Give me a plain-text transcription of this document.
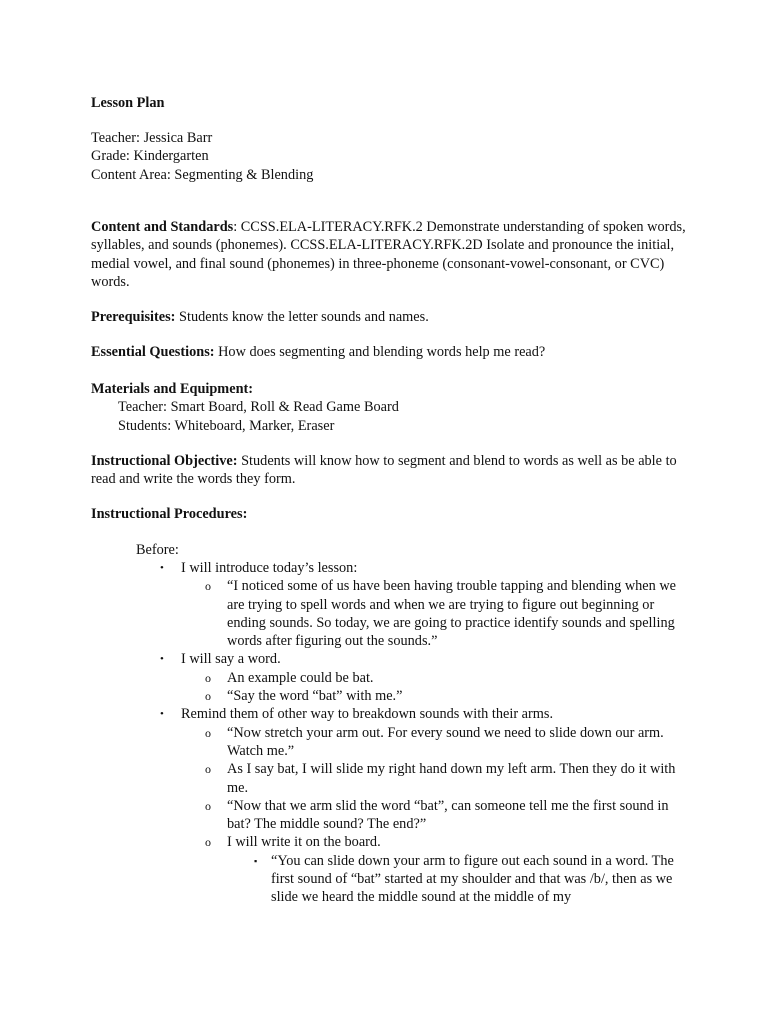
Lesson Plan

Teacher: Jessica Barr

Grade: Kindergarten

Content Area: Segmenting & Blending

Content and Standards: CCSS.ELA-LITERACY.RFK.2 Demonstrate understanding of spoken words, syllables, and sounds (phonemes). CCSS.ELA-LITERACY.RFK.2D Isolate and pronounce the initial, medial vowel, and final sound (phonemes) in three-phoneme (consonant-vowel-consonant, or CVC) words.

Prerequisites: Students know the letter sounds and names.

Essential Questions: How does segmenting and blending words help me read?

Materials and Equipment:

Teacher: Smart Board, Roll & Read Game Board

Students: Whiteboard, Marker, Eraser

Instructional Objective: Students will know how to segment and blend to words as well as be able to read and write the words they form.

Instructional Procedures:

Before:

• I will introduce today’s lesson:
o “I noticed some of us have been having trouble tapping and blending when we are trying to spell words and when we are trying to figure out beginning or ending sounds. So today, we are going to practice identify sounds and spelling words after figuring out the sounds.”
• I will say a word.
o An example could be bat.
o “Say the word “bat” with me.”
• Remind them of other way to breakdown sounds with their arms.
o “Now stretch your arm out. For every sound we need to slide down our arm. Watch me.”
o As I say bat, I will slide my right hand down my left arm. Then they do it with me.
o “Now that we arm slid the word “bat”, can someone tell me the first sound in bat? The middle sound? The end?”
o I will write it on the board.
▪ “You can slide down your arm to figure out each sound in a word. The first sound of “bat” started at my shoulder and that was /b/, then as we slide we heard the middle sound at the middle of my
